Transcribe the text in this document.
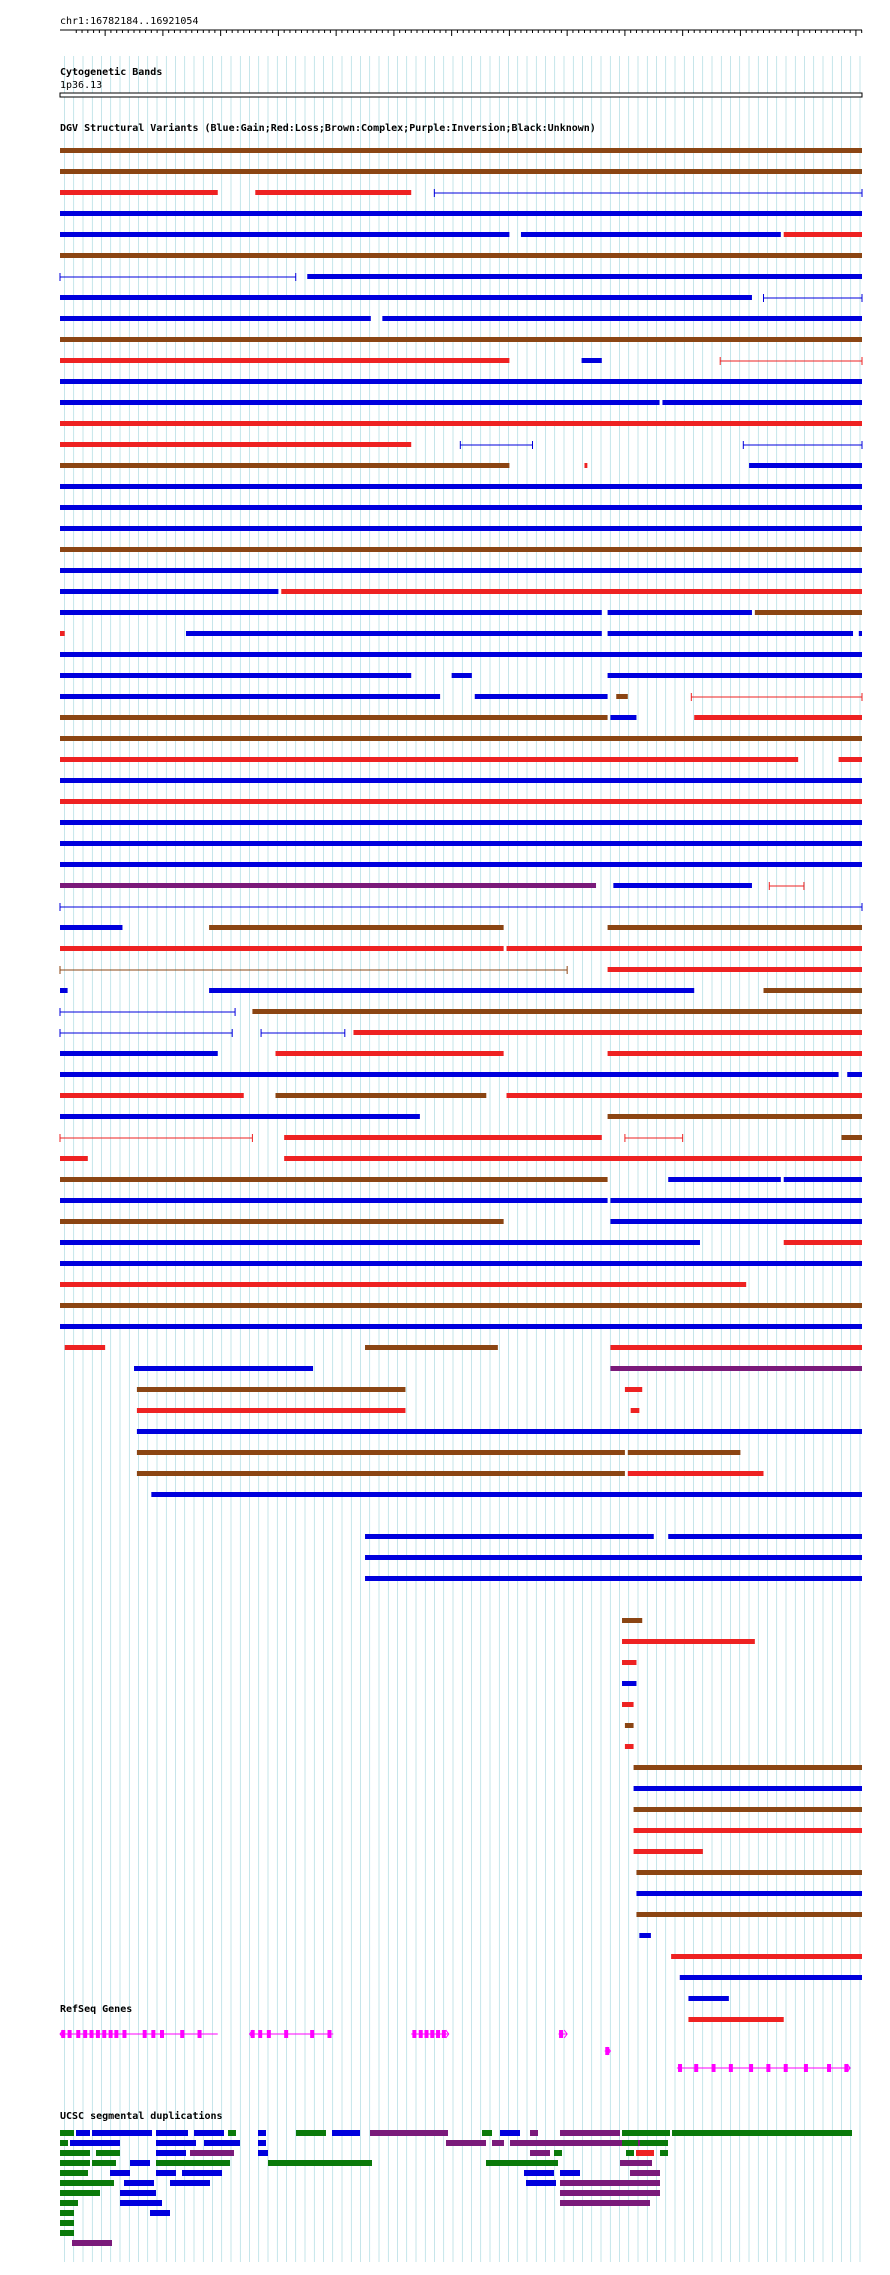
chr1:16782184..16921054
Cytogenetic Bands
1p36.13
DGV Structural Variants (Blue:Gain;Red:Loss;Brown:Complex;Purple:Inversion;Black:Unknown)
RefSeq Genes
UCSC segmental duplications
